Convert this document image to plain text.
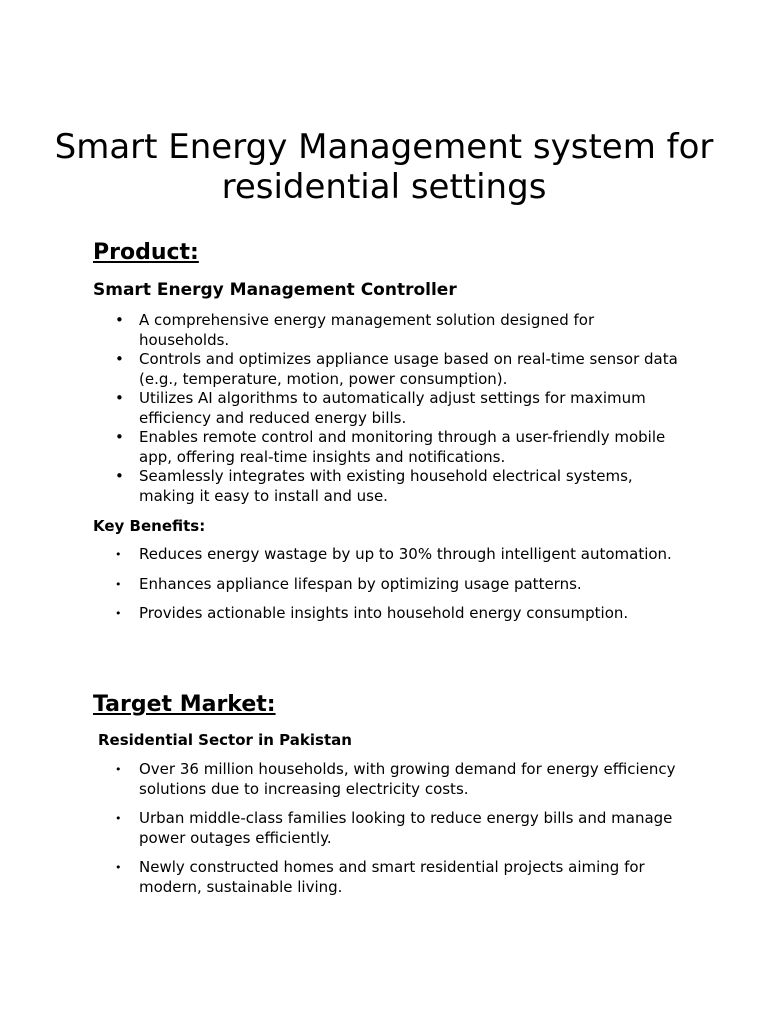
Smart Energy Management system for residential settings
Product:
Smart Energy Management Controller
• A comprehensive energy management solution designed for households.
• Controls and optimizes appliance usage based on real-time sensor data (e.g., temperature, motion, power consumption).
• Utilizes AI algorithms to automatically adjust settings for maximum efficiency and reduced energy bills.
• Enables remote control and monitoring through a user-friendly mobile app, offering real-time insights and notifications.
• Seamlessly integrates with existing household electrical systems, making it easy to install and use.
Key Benefits:
• Reduces energy wastage by up to 30% through intelligent automation.
• Enhances appliance lifespan by optimizing usage patterns.
• Provides actionable insights into household energy consumption.
Target Market:
Residential Sector in Pakistan
• Over 36 million households, with growing demand for energy efficiency solutions due to increasing electricity costs.
• Urban middle-class families looking to reduce energy bills and manage power outages efficiently.
• Newly constructed homes and smart residential projects aiming for modern, sustainable living.
